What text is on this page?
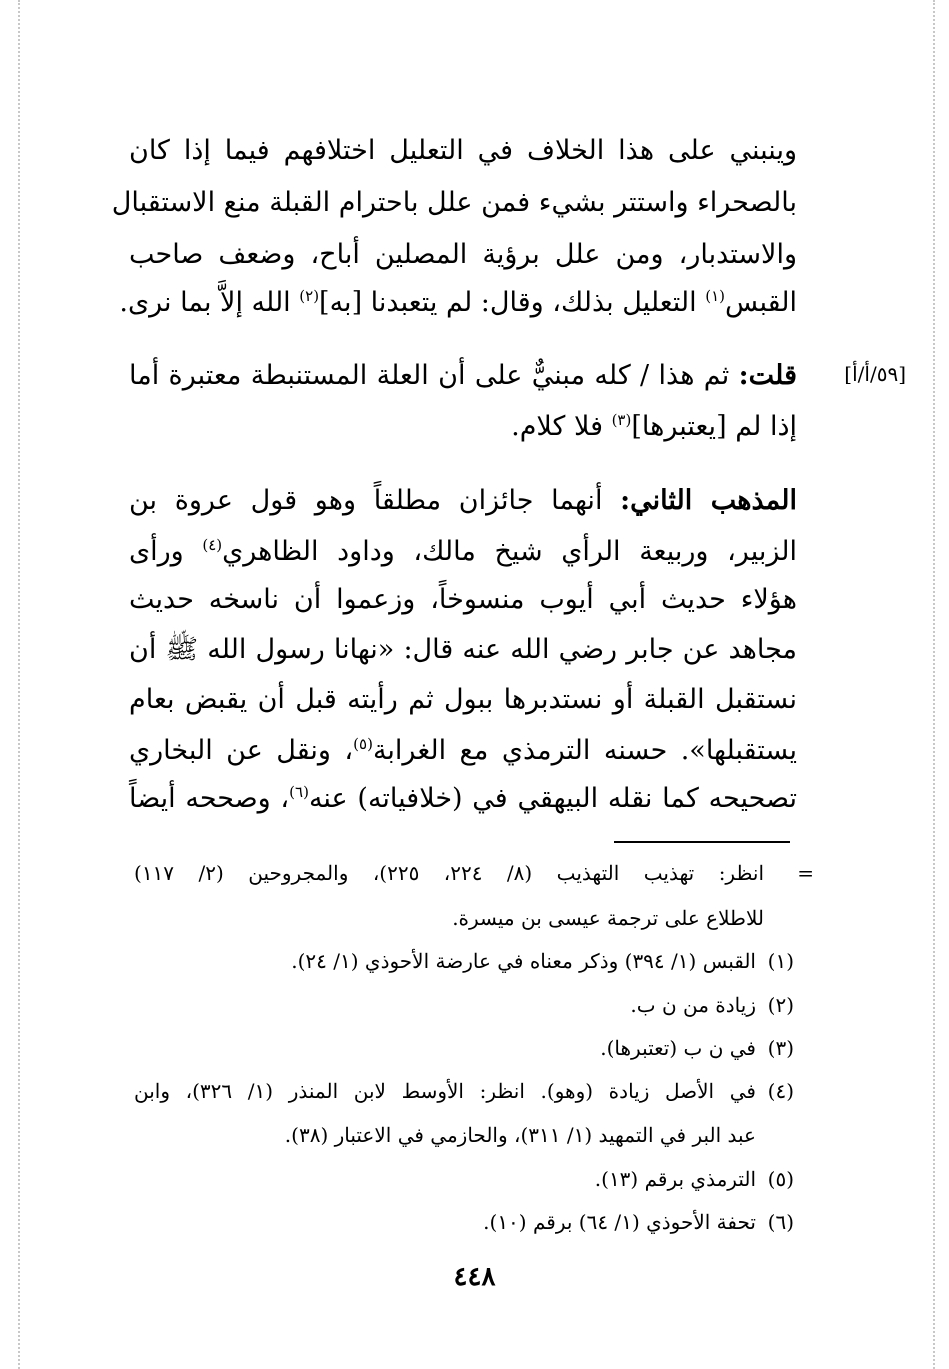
وينبني على هذا الخلاف في التعليل اختلافهم فيما إذا كان
بالصحراء واستتر بشيء فمن علل باحترام القبلة منع الاستقبال
والاستدبار، ومن علل برؤية المصلين أباح، وضعف صاحب
القبس$^{(١)}$ التعليل بذلك، وقال: لم يتعبدنا [به]$^{(٢)}$ الله إلاَّ بما نرى.
[٥٩/أ/أ]
قلت: ثم هذا / كله مبنيٌّ على أن العلة المستنبطة معتبرة أما
إذا لم [يعتبرها]$^{(٣)}$ فلا كلام.
المذهب الثاني: أنهما جائزان مطلقاً وهو قول عروة بن
الزبير، وربيعة الرأي شيخ مالك، وداود الظاهري$^{(٤)}$ ورأى
هؤلاء حديث أبي أيوب منسوخاً، وزعموا أن ناسخه حديث
مجاهد عن جابر رضي الله عنه قال: «نهانا رسول الله ﷺ أن
نستقبل القبلة أو نستدبرها ببول ثم رأيته قبل أن يقبض بعام
يستقبلها». حسنه الترمذي مع الغرابة$^{(٥)}$، ونقل عن البخاري
تصحيحه كما نقله البيهقي في (خلافياته) عنه$^{(٦)}$، وصححه أيضاً
=
انظر: تهذيب التهذيب (٨/ ٢٢٤، ٢٢٥)، والمجروحين (٢/ ١١٧)
للاطلاع على ترجمة عيسى بن ميسرة.
(١)
القبس (١/ ٣٩٤) وذكر معناه في عارضة الأحوذي (١/ ٢٤).
(٢)
زيادة من ن ب.
(٣)
في ن ب (تعتبرها).
(٤)
في الأصل زيادة (وهو). انظر: الأوسط لابن المنذر (١/ ٣٢٦)، وابن
عبد البر في التمهيد (١/ ٣١١)، والحازمي في الاعتبار (٣٨).
(٥)
الترمذي برقم (١٣).
(٦)
تحفة الأحوذي (١/ ٦٤) برقم (١٠).
٤٤٨
